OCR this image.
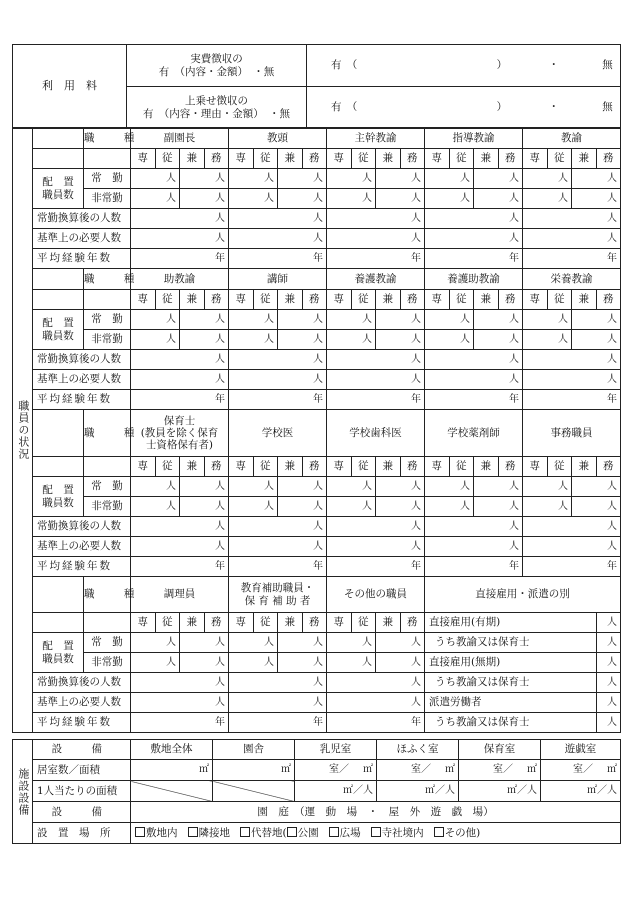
利　用　料	実費徴収の
有　（内容・金額）　・無	有　（ ） ・ 無

	上乗せ徴収の
有　（内容・理由・金額）　・無	有　（ ） ・ 無
職員の状況		職　種	副園長				教頭				主幹教諭				指導教諭				教諭			
			専	従	兼	務	専	従	兼	務	専	従	兼	務	専	従	兼	務	専	従	兼	務

	配　置
職員数	常　勤	人		人		人		人		人		人		人		人		人		人	
		非常勤	人		人		人		人		人		人		人		人		人		人	
	常勤換算後の人数		人				人				人				人				人			
	基準上の必要人数		人				人				人				人				人			
	平均経験年数		年				年				年				年				年			
		職　種	助教諭				講師				養護教諭				養護助教諭				栄養教諭			
			専	従	兼	務	専	従	兼	務	専	従	兼	務	専	従	兼	務	専	従	兼	務

	配　置
職員数	常　勤	人		人		人		人		人		人		人		人		人		人	
		非常勤	人		人		人		人		人		人		人		人		人		人	
	常勤換算後の人数		人				人				人				人				人			
	基準上の必要人数		人				人				人				人				人			
	平均経験年数		年				年				年				年				年			
		職　種	保育士
(教員を除く保育
士資格保有者)				学校医				学校歯科医				学校薬剤師				事務職員			
			専	従	兼	務	専	従	兼	務	専	従	兼	務	専	従	兼	務	専	従	兼	務

	配　置
職員数	常　勤	人		人		人		人		人		人		人		人		人		人	
		非常勤	人		人		人		人		人		人		人		人		人		人	
	常勤換算後の人数		人				人				人				人				人			
	基準上の必要人数		人				人				人				人				人			
	平均経験年数		年				年				年				年				年			
		職　種	調理員				教育補助職員・
保 育 補 助 者				その他の職員				直接雇用・派遣の別							
			専	従	兼	務	専	従	兼	務	専	従	兼	務	直接雇用(有期)							人

	配　置
職員数	常　勤	人		人		人		人		人		人		うち教諭又は保育士							人
		非常勤	人		人		人		人		人		人		直接雇用(無期)							人
	常勤換算後の人数		人				人				人				うち教諭又は保育士							人
	基準上の必要人数		人				人				人				派遣労働者							人
	平均経験年数		年				年				年				うち教諭又は保育士							人
施設設備	設　備	敷地全体	園舎	乳児室	ほふく室	保育室	遊戯室
	居室数／面積	㎡	㎡	室／ ㎡	室／ ㎡	室／ ㎡	室／ ㎡
	1人当たりの面積			㎡／人	㎡／人	㎡／人	㎡／人
	設　備	園　庭　（運　動　場　・　屋　外　遊　戯　場）					
	設　置　場　所	敷地内 隣接地 代替地( 公園 広場 寺社境内 その他)					
